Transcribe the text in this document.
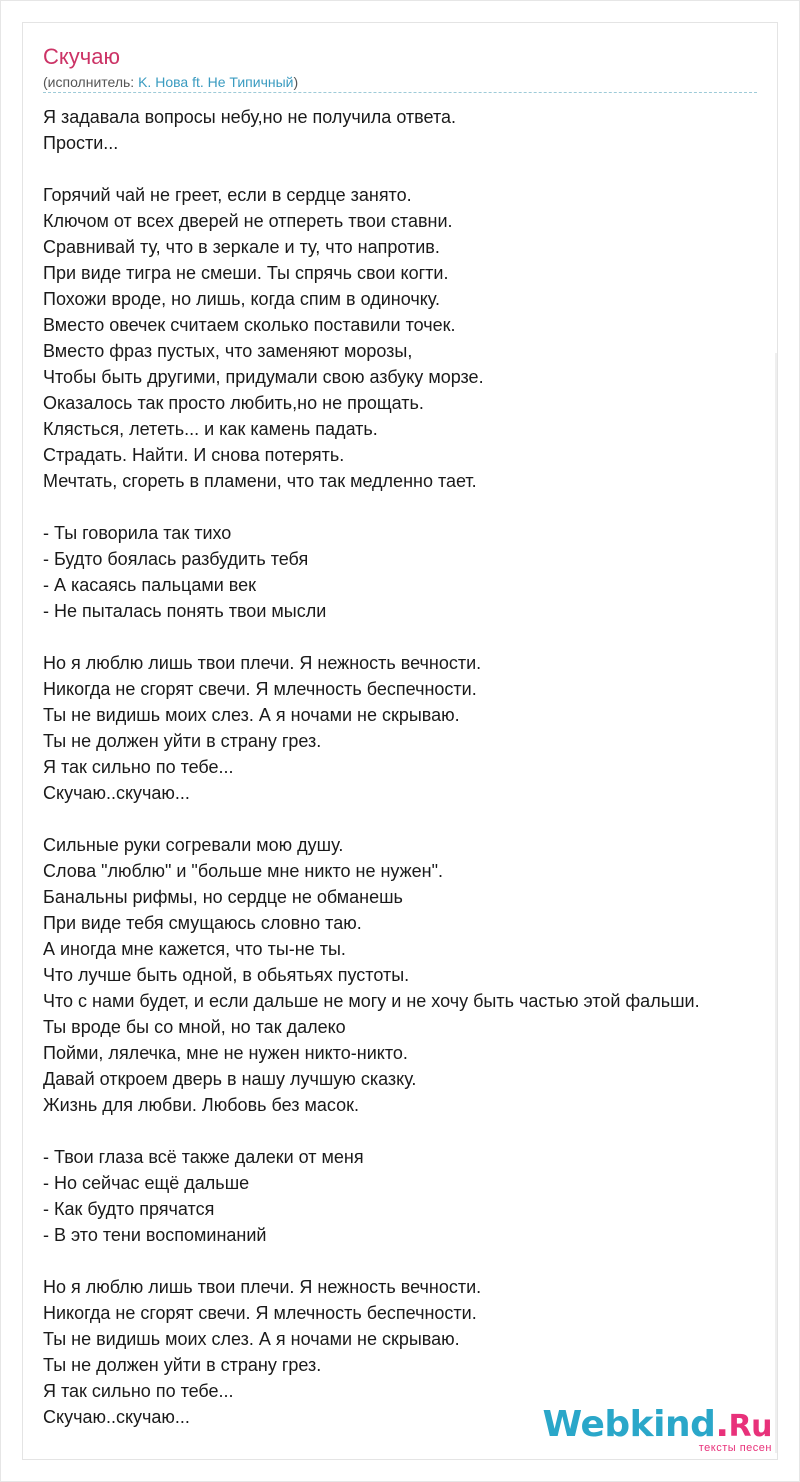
Скучаю
(исполнитель: K. Нова ft. Не Типичный)
Я задавала вопросы небу,но не получила ответа.
Прости...
Горячий чай не греет, если в сердце занято.
Ключом от всех дверей не отпереть твои ставни.
Сравнивай ту, что в зеркале и ту, что напротив.
При виде тигра не смеши. Ты спрячь свои когти.
Похожи вроде, но лишь, когда спим в одиночку.
Вместо овечек считаем сколько поставили точек.
Вместо фраз пустых, что заменяют морозы,
Чтобы быть другими, придумали свою азбуку морзе.
Оказалось так просто любить,но не прощать.
Клясться, лететь... и как камень падать.
Страдать. Найти. И снова потерять.
Мечтать, сгореть в пламени, что так медленно тает.
- Ты говорила так тихо
- Будто боялась разбудить тебя
- А касаясь пальцами век
- Не пыталась понять твои мысли
Но я люблю лишь твои плечи. Я нежность вечности.
Никогда не сгорят свечи. Я млечность беспечности.
Ты не видишь моих слез. А я ночами не скрываю.
Ты не должен уйти в страну грез.
Я так сильно по тебе...
Скучаю..скучаю...
Сильные руки согревали мою душу.
Слова "люблю" и "больше мне никто не нужен".
Банальны рифмы, но сердце не обманешь
При виде тебя смущаюсь словно таю.
А иногда мне кажется, что ты-не ты.
Что лучше быть одной, в обьятьях пустоты.
Что с нами будет, и если дальше не могу и не хочу быть частью этой фальши.
Ты вроде бы со мной, но так далеко
Пойми, лялечка, мне не нужен никто-никто.
Давай откроем дверь в нашу лучшую сказку.
Жизнь для любви. Любовь без масок.
- Твои глаза всё также далеки от меня
- Но сейчас ещё дальше
- Как будто прячатся
- В это тени воспоминаний
Но я люблю лишь твои плечи. Я нежность вечности.
Никогда не сгорят свечи. Я млечность беспечности.
Ты не видишь моих слез. А я ночами не скрываю.
Ты не должен уйти в страну грез.
Я так сильно по тебе...
Скучаю..скучаю...	Webkind.Ru
тексты песен
